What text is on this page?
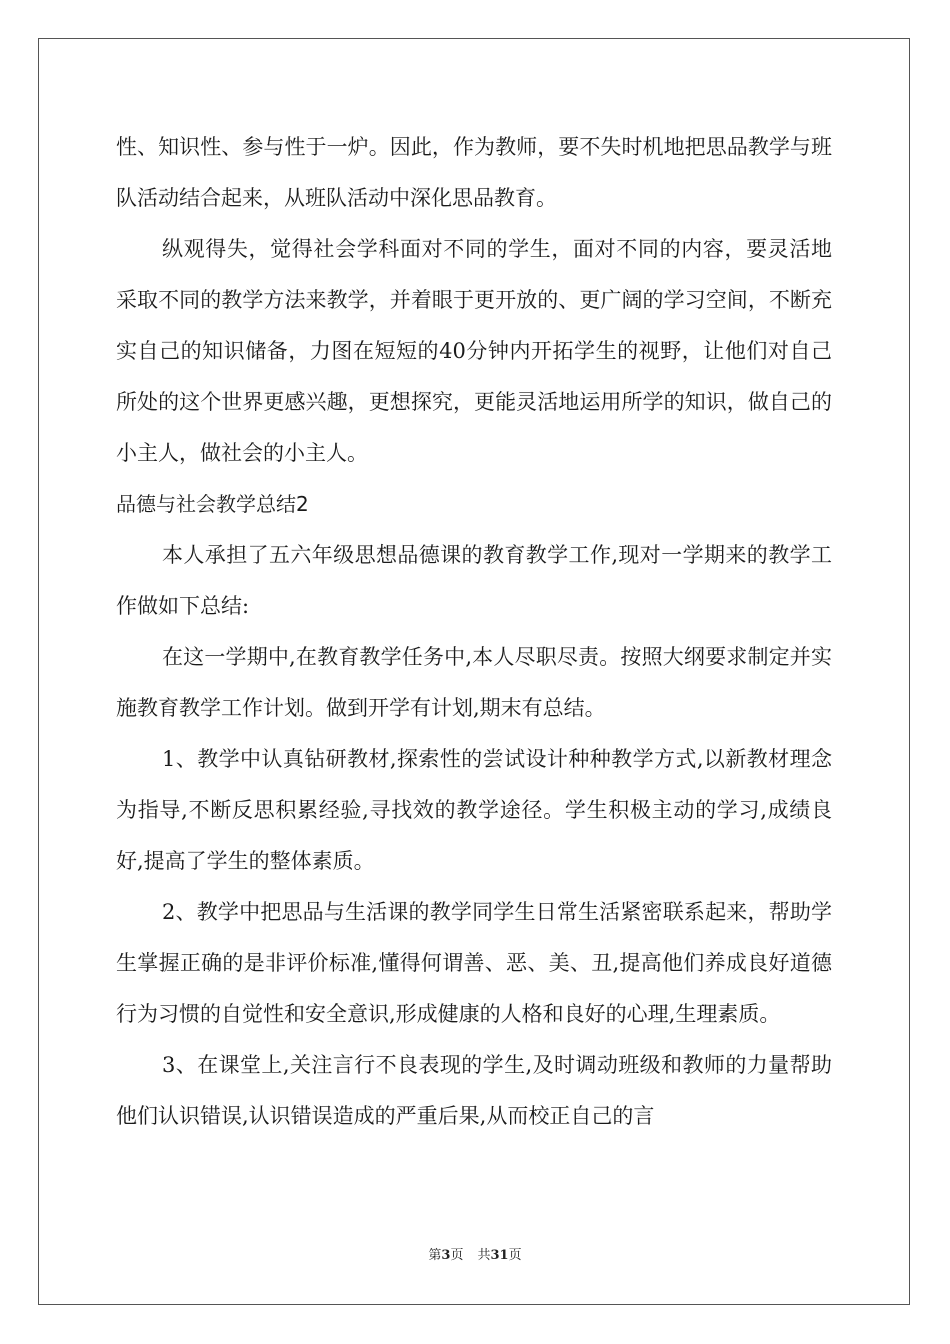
性、知识性、参与性于一炉。因此，作为教师，要不失时机地把思品教学与班队活动结合起来，从班队活动中深化思品教育。

纵观得失，觉得社会学科面对不同的学生，面对不同的内容，要灵活地采取不同的教学方法来教学，并着眼于更开放的、更广阔的学习空间，不断充实自己的知识储备，力图在短短的40分钟内开拓学生的视野，让他们对自己所处的这个世界更感兴趣，更想探究，更能灵活地运用所学的知识，做自己的小主人，做社会的小主人。

品德与社会教学总结2

本人承担了五六年级思想品德课的教育教学工作,现对一学期来的教学工作做如下总结:

在这一学期中,在教育教学任务中,本人尽职尽责。按照大纲要求制定并实施教育教学工作计划。做到开学有计划,期末有总结。

1、教学中认真钻研教材,探索性的尝试设计种种教学方式,以新教材理念为指导,不断反思积累经验,寻找效的教学途径。学生积极主动的学习,成绩良好,提高了学生的整体素质。

2、教学中把思品与生活课的教学同学生日常生活紧密联系起来，帮助学生掌握正确的是非评价标准,懂得何谓善、恶、美、丑,提高他们养成良好道德行为习惯的自觉性和安全意识,形成健康的人格和良好的心理,生理素质。

3、在课堂上,关注言行不良表现的学生,及时调动班级和教师的力量帮助他们认识错误,认识错误造成的严重后果,从而校正自己的言

第3页 共31页
